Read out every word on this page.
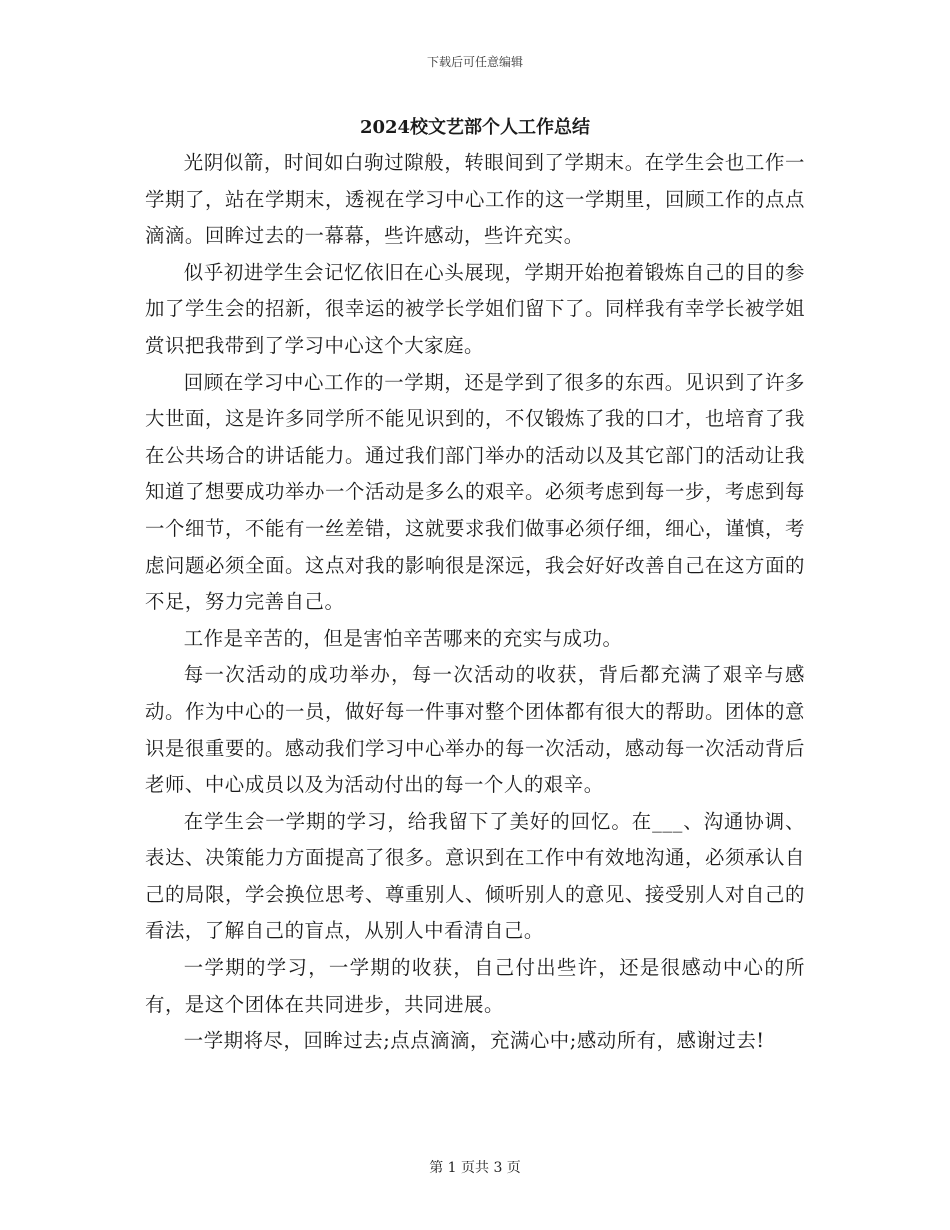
下载后可任意编辑
2024校文艺部个人工作总结

光阴似箭，时间如白驹过隙般，转眼间到了学期末。在学生会也工作一学期了，站在学期末，透视在学习中心工作的这一学期里，回顾工作的点点滴滴。回眸过去的一幕幕，些许感动，些许充实。

似乎初进学生会记忆依旧在心头展现，学期开始抱着锻炼自己的目的参加了学生会的招新，很幸运的被学长学姐们留下了。同样我有幸学长被学姐赏识把我带到了学习中心这个大家庭。

回顾在学习中心工作的一学期，还是学到了很多的东西。见识到了许多大世面，这是许多同学所不能见识到的，不仅锻炼了我的口才，也培育了我在公共场合的讲话能力。通过我们部门举办的活动以及其它部门的活动让我知道了想要成功举办一个活动是多么的艰辛。必须考虑到每一步，考虑到每一个细节，不能有一丝差错，这就要求我们做事必须仔细，细心，谨慎，考虑问题必须全面。这点对我的影响很是深远，我会好好改善自己在这方面的不足，努力完善自己。

工作是辛苦的，但是害怕辛苦哪来的充实与成功。

每一次活动的成功举办，每一次活动的收获，背后都充满了艰辛与感动。作为中心的一员，做好每一件事对整个团体都有很大的帮助。团体的意识是很重要的。感动我们学习中心举办的每一次活动，感动每一次活动背后老师、中心成员以及为活动付出的每一个人的艰辛。

在学生会一学期的学习，给我留下了美好的回忆。在___、沟通协调、表达、决策能力方面提高了很多。意识到在工作中有效地沟通，必须承认自己的局限，学会换位思考、尊重别人、倾听别人的意见、接受别人对自己的看法，了解自己的盲点，从别人中看清自己。

一学期的学习，一学期的收获，自己付出些许，还是很感动中心的所有，是这个团体在共同进步，共同进展。

一学期将尽，回眸过去;点点滴滴，充满心中;感动所有，感谢过去!

第 1 页共 3 页
